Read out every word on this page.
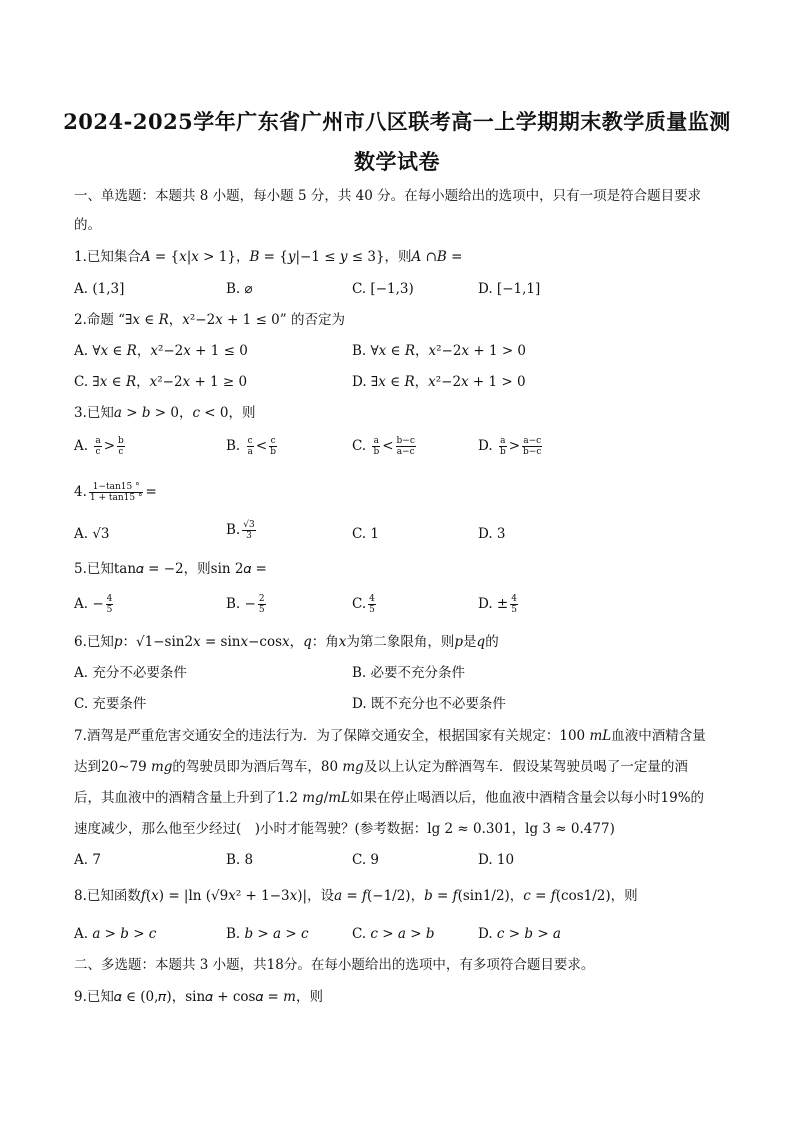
2024-2025学年广东省广州市八区联考高一上学期期末教学质量监测
数学试卷
一、单选题：本题共 8 小题，每小题 5 分，共 40 分。在每小题给出的选项中，只有一项是符合题目要求
的。
1.已知集合𝐴 = {𝑥|𝑥 > 1}，𝐵 = {𝑦|−1 ≤ 𝑦 ≤ 3}，则𝐴 ∩𝐵 =
A. (1,3]	B. ⌀	C. [−1,3)	D. [−1,1]
2.命题 “∃𝑥 ∈ 𝑅，𝑥²−2𝑥 + 1 ≤ 0” 的否定为
A. ∀𝑥 ∈ 𝑅，𝑥²−2𝑥 + 1 ≤ 0	B. ∀𝑥 ∈ 𝑅，𝑥²−2𝑥 + 1 > 0
C. ∃𝑥 ∈ 𝑅，𝑥²−2𝑥 + 1 ≥ 0	D. ∃𝑥 ∈ 𝑅，𝑥²−2𝑥 + 1 > 0
3.已知𝑎 > 𝑏 > 0，𝑐 < 0，则
A. $\frac{a}{c} > \frac{b}{c}$	B. $\frac{c}{a} < \frac{c}{b}$	C. $\frac{a}{b} < \frac{b-c}{a-c}$	D. $\frac{a}{b} > \frac{a-c}{b-c}$
4. $\frac{1-\tan 15 ^\circ}{1 + \tan 15 ^\circ}$ =
A. √3	B. $\frac{√3}{3}$	C. 1	D. 3
5.已知tan𝛼 = −2，则sin 2𝛼 =
A. − $\frac{4}{5}$	B. − $\frac{2}{5}$	C. $\frac{4}{5}$	D. ± $\frac{4}{5}$
6.已知𝑝：√1−sin2𝑥 = sin𝑥−cos𝑥，𝑞：角𝑥为第二象限角，则𝑝是𝑞的
A. 充分不必要条件	B. 必要不充分条件
C. 充要条件	D. 既不充分也不必要条件
7.酒驾是严重危害交通安全的违法行为．为了保障交通安全，根据国家有关规定：100 𝑚𝐿血液中酒精含量
达到20∼79 𝑚𝑔的驾驶员即为酒后驾车，80 𝑚𝑔及以上认定为醉酒驾车．假设某驾驶员喝了一定量的酒
后，其血液中的酒精含量上升到了1.2 𝑚𝑔/𝑚𝐿如果在停止喝酒以后，他血液中酒精含量会以每小时19%的
速度减少，那么他至少经过(　)小时才能驾驶？(参考数据：lg 2 ≈ 0.301，lg 3 ≈ 0.477)
A. 7	B. 8	C. 9	D. 10
8.已知函数𝑓(𝑥) = |ln (√9𝑥² + 1−3𝑥)|，设𝑎 = 𝑓(−1/2)，𝑏 = 𝑓(sin1/2)，𝑐 = 𝑓(cos1/2)，则
A. 𝑎 > 𝑏 > 𝑐	B. 𝑏 > 𝑎 > 𝑐	C. 𝑐 > 𝑎 > 𝑏	D. 𝑐 > 𝑏 > 𝑎
二、多选题：本题共 3 小题，共18分。在每小题给出的选项中，有多项符合题目要求。
9.已知𝛼 ∈ (0,𝜋)，sin𝛼 + cos𝛼 = 𝑚，则
